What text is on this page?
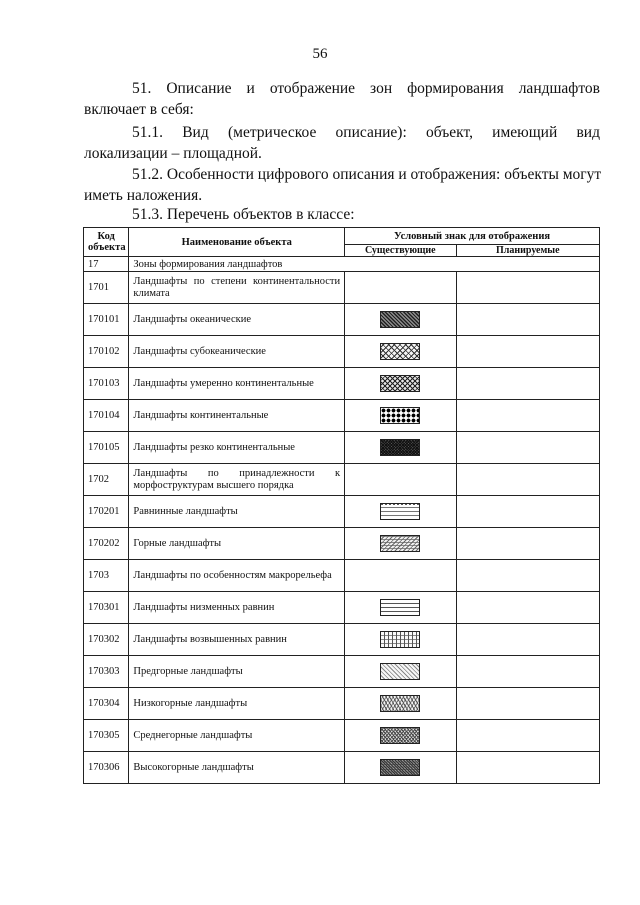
56
51. Описание и отображение зон формирования ландшафтов
включает в себя:
51.1. Вид (метрическое описание): объект, имеющий вид
локализации – площадной.
51.2. Особенности цифрового описания и отображения: объекты могут
иметь наложения.
51.3. Перечень объектов в классе:
Код объекта	Наименование объекта	Условный знак для отображения	
		Существующие	Планируемые
17	Зоны формирования ландшафтов		
1701	Ландшафты по степени континентальности климата		
170101	Ландшафты океанические		
170102	Ландшафты субокеанические		
170103	Ландшафты умеренно континентальные		
170104	Ландшафты континентальные		
170105	Ландшафты резко континентальные		
1702	Ландшафты по принадлежности к морфоструктурам высшего порядка		
170201	Равнинные ландшафты		
170202	Горные ландшафты		
1703	Ландшафты по особенностям макрорельефа		
170301	Ландшафты низменных равнин		
170302	Ландшафты возвышенных равнин		
170303	Предгорные ландшафты		
170304	Низкогорные ландшафты		
170305	Среднегорные ландшафты		
170306	Высокогорные ландшафты		
